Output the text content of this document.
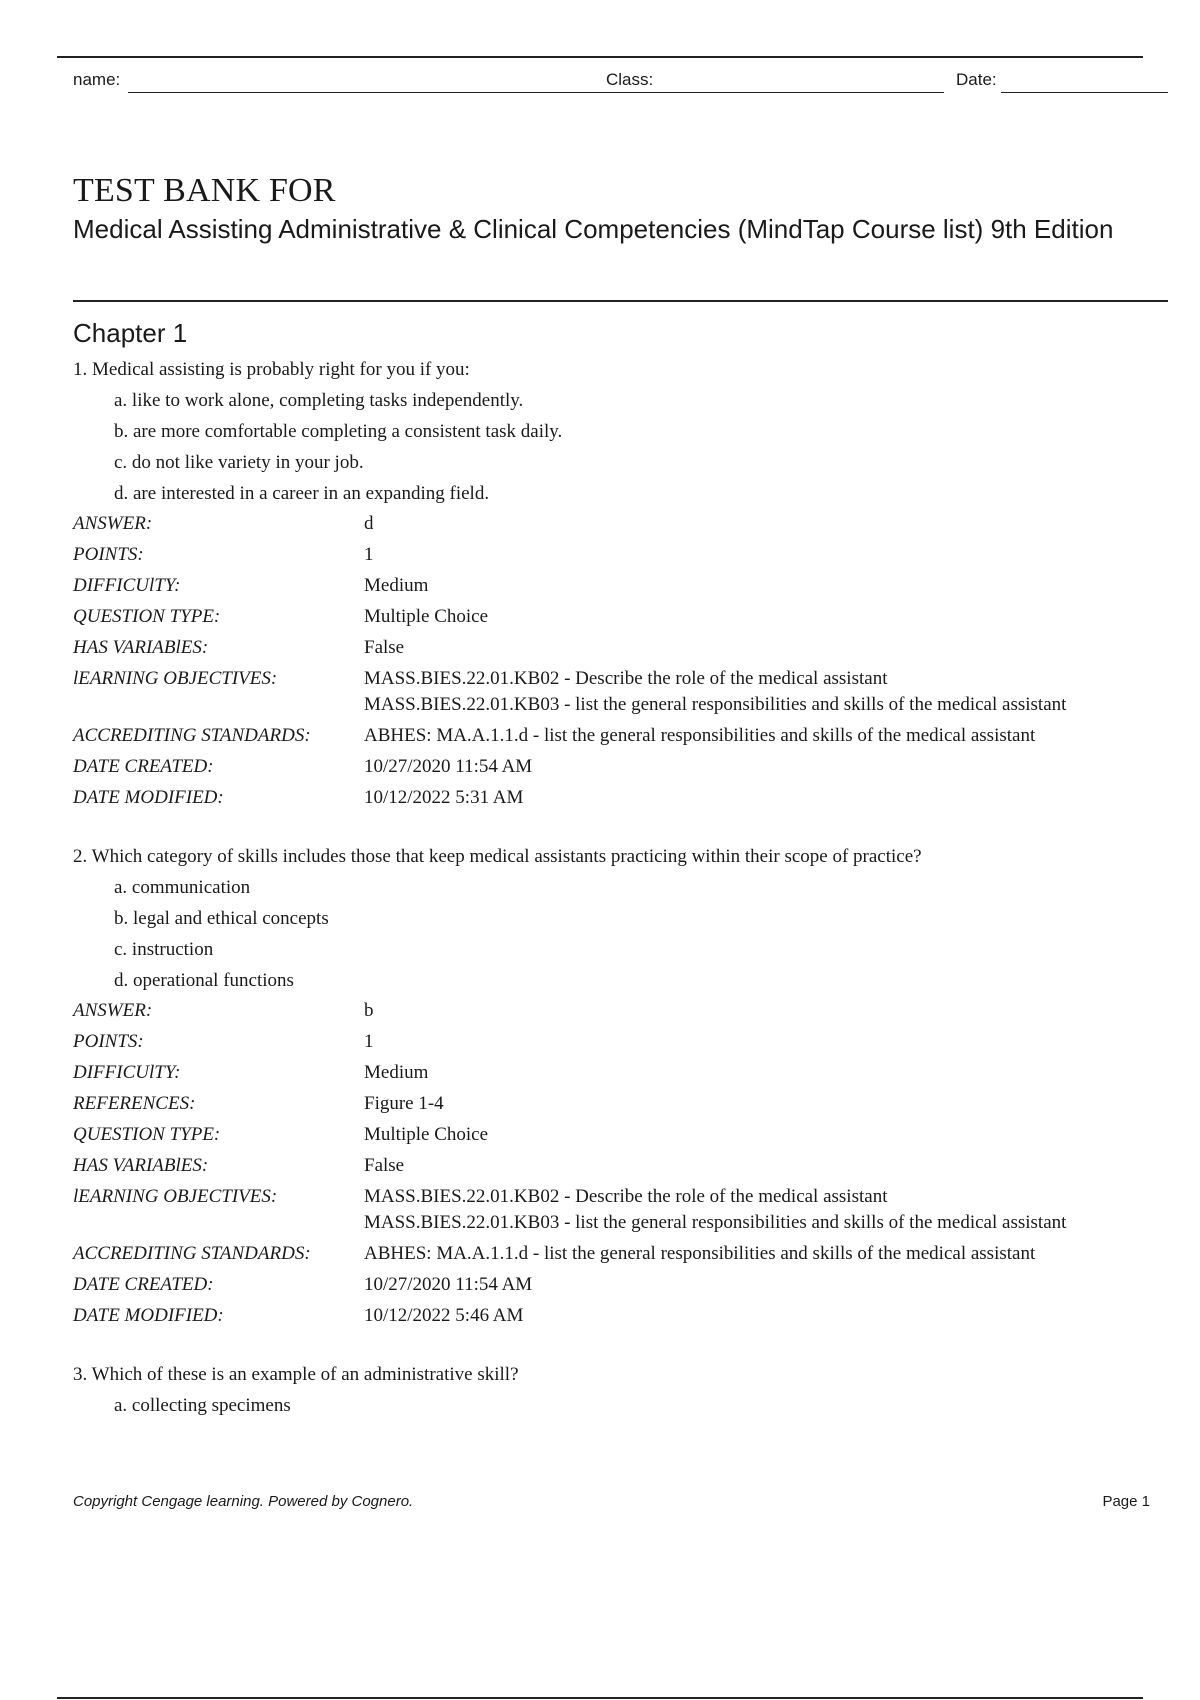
name:	Class:	Date:
TEST BANK FOR
Medical Assisting Administrative & Clinical Competencies (MindTap Course list) 9th Edition
Chapter 1

1. Medical assisting is probably right for you if you:

a. like to work alone, completing tasks independently.

b. are more comfortable completing a consistent task daily.

c. do not like variety in your job.

d. are interested in a career in an expanding field.

ANSWER:	d
POINTS:	1
DIFFICUlTY:	Medium
QUESTION TYPE:	Multiple Choice
HAS VARIABlES:	False
lEARNING OBJECTIVES:	MASS.BIES.22.01.KB02 - Describe the role of the medical assistant
MASS.BIES.22.01.KB03 - list the general responsibilities and skills of the medical assistant
ACCREDITING STANDARDS:	ABHES: MA.A.1.1.d - list the general responsibilities and skills of the medical assistant
DATE CREATED:	10/27/2020 11:54 AM
DATE MODIFIED:	10/12/2022 5:31 AM

2. Which category of skills includes those that keep medical assistants practicing within their scope of practice?

a. communication

b. legal and ethical concepts

c. instruction

d. operational functions

ANSWER:	b
POINTS:	1
DIFFICUlTY:	Medium
REFERENCES:	Figure 1-4
QUESTION TYPE:	Multiple Choice
HAS VARIABlES:	False
lEARNING OBJECTIVES:	MASS.BIES.22.01.KB02 - Describe the role of the medical assistant
MASS.BIES.22.01.KB03 - list the general responsibilities and skills of the medical assistant
ACCREDITING STANDARDS:	ABHES: MA.A.1.1.d - list the general responsibilities and skills of the medical assistant
DATE CREATED:	10/27/2020 11:54 AM
DATE MODIFIED:	10/12/2022 5:46 AM

3. Which of these is an example of an administrative skill?

a. collecting specimens

Copyright Cengage learning. Powered by Cognero.	Page 1
